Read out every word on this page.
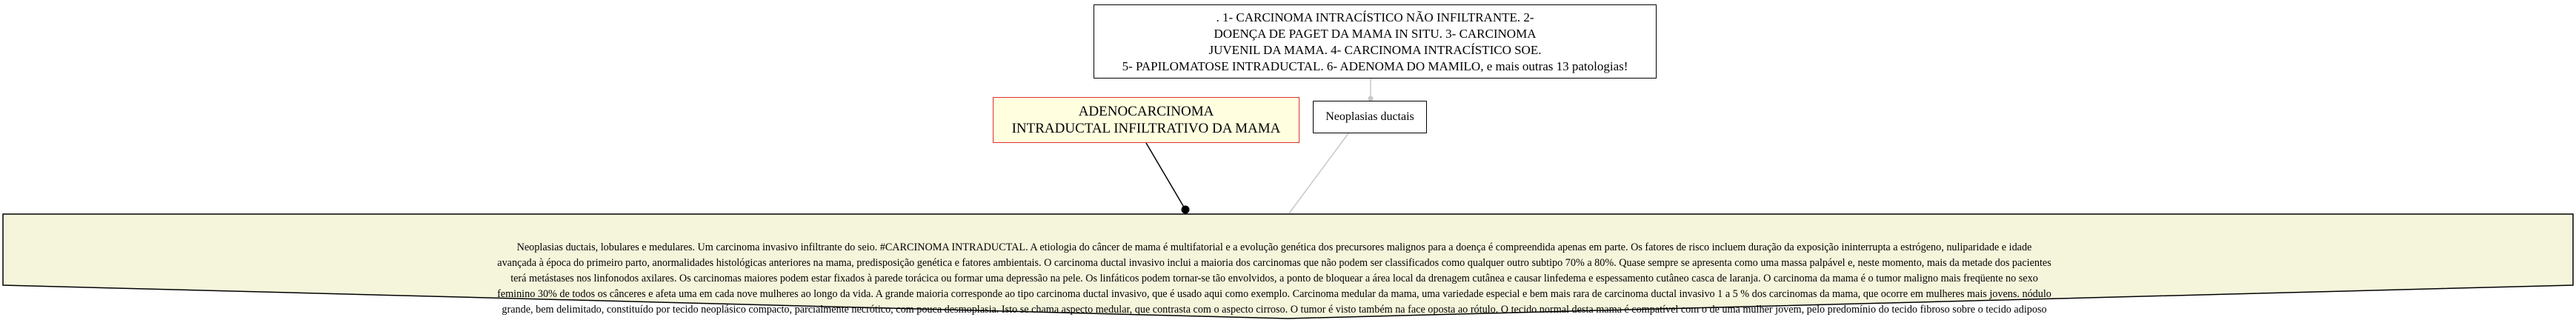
. 1- CARCINOMA INTRACÍSTICO NÃO INFILTRANTE. 2-
DOENÇA DE PAGET DA MAMA IN SITU. 3- CARCINOMA
JUVENIL DA MAMA. 4- CARCINOMA INTRACÍSTICO SOE.
5- PAPILOMATOSE INTRADUCTAL. 6- ADENOMA DO MAMILO, e mais outras 13 patologias!
ADENOCARCINOMA
INTRADUCTAL INFILTRATIVO DA MAMA
Neoplasias ductais
Neoplasias ductais, lobulares e medulares. Um carcinoma invasivo infiltrante do seio. #CARCINOMA INTRADUCTAL. A etiologia do câncer de mama é multifatorial e a evolução genética dos precursores malignos para a doença é compreendida apenas em parte. Os fatores de risco incluem duração da exposição ininterrupta a estrógeno, nuliparidade e idade
avançada à época do primeiro parto, anormalidades histológicas anteriores na mama, predisposição genética e fatores ambientais. O carcinoma ductal invasivo inclui a maioria dos carcinomas que não podem ser classificados como qualquer outro subtipo 70% a 80%. Quase sempre se apresenta como uma massa palpável e, neste momento, mais da metade dos pacientes
terá metástases nos linfonodos axilares. Os carcinomas maiores podem estar fixados à parede torácica ou formar uma depressão na pele. Os linfáticos podem tornar-se tão envolvidos, a ponto de bloquear a área local da drenagem cutânea e causar linfedema e espessamento cutâneo casca de laranja. O carcinoma da mama é o tumor maligno mais freqüente no sexo
feminino 30% de todos os cânceres e afeta uma em cada nove mulheres ao longo da vida. A grande maioria corresponde ao tipo carcinoma ductal invasivo, que é usado aqui como exemplo. Carcinoma medular da mama, uma variedade especial e bem mais rara de carcinoma ductal invasivo 1 a 5 % dos carcinomas da mama, que ocorre em mulheres mais jovens. nódulo
grande, bem delimitado, constituído por tecido neoplásico compacto, parcialmente necrótico, com pouca desmoplasia. Isto se chama aspecto medular, que contrasta com o aspecto cirroso. O tumor é visto também na face oposta ao rótulo. O tecido normal desta mama é compatível com o de uma mulher jovem, pelo predomínio do tecido fibroso sobre o tecido adiposo
